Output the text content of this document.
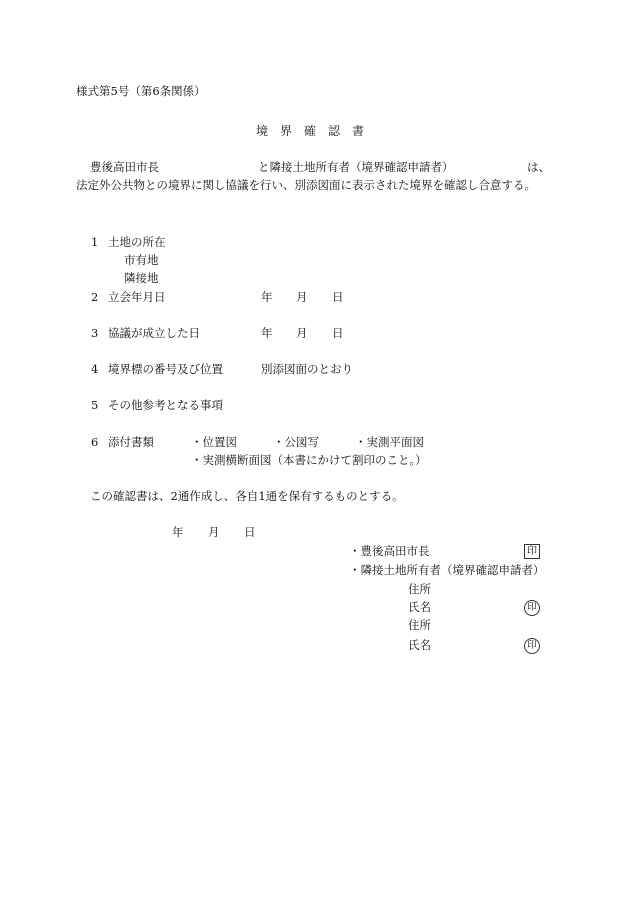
様式第5号（第6条関係）
境界確認書
豊後高田市長	と隣接土地所有者（境界確認申請者）	は、
法定外公共物との境界に関し協議を行い、別添図面に表示された境界を確認し合意する。
1 土地の所在
市有地
隣接地
2 立会年月日	年 月 日
3 協議が成立した日	年 月 日
4 境界標の番号及び位置	別添図面のとおり
5 その他参考となる事項
6 添付書類	・位置図	・公図写	・実測平面図
・実測横断面図（本書にかけて割印のこと。）
この確認書は、2通作成し、各自1通を保有するものとする。
年 月 日
・豊後高田市長	印
・隣接土地所有者（境界確認申請者）
住所
氏名	印
住所
氏名	印
